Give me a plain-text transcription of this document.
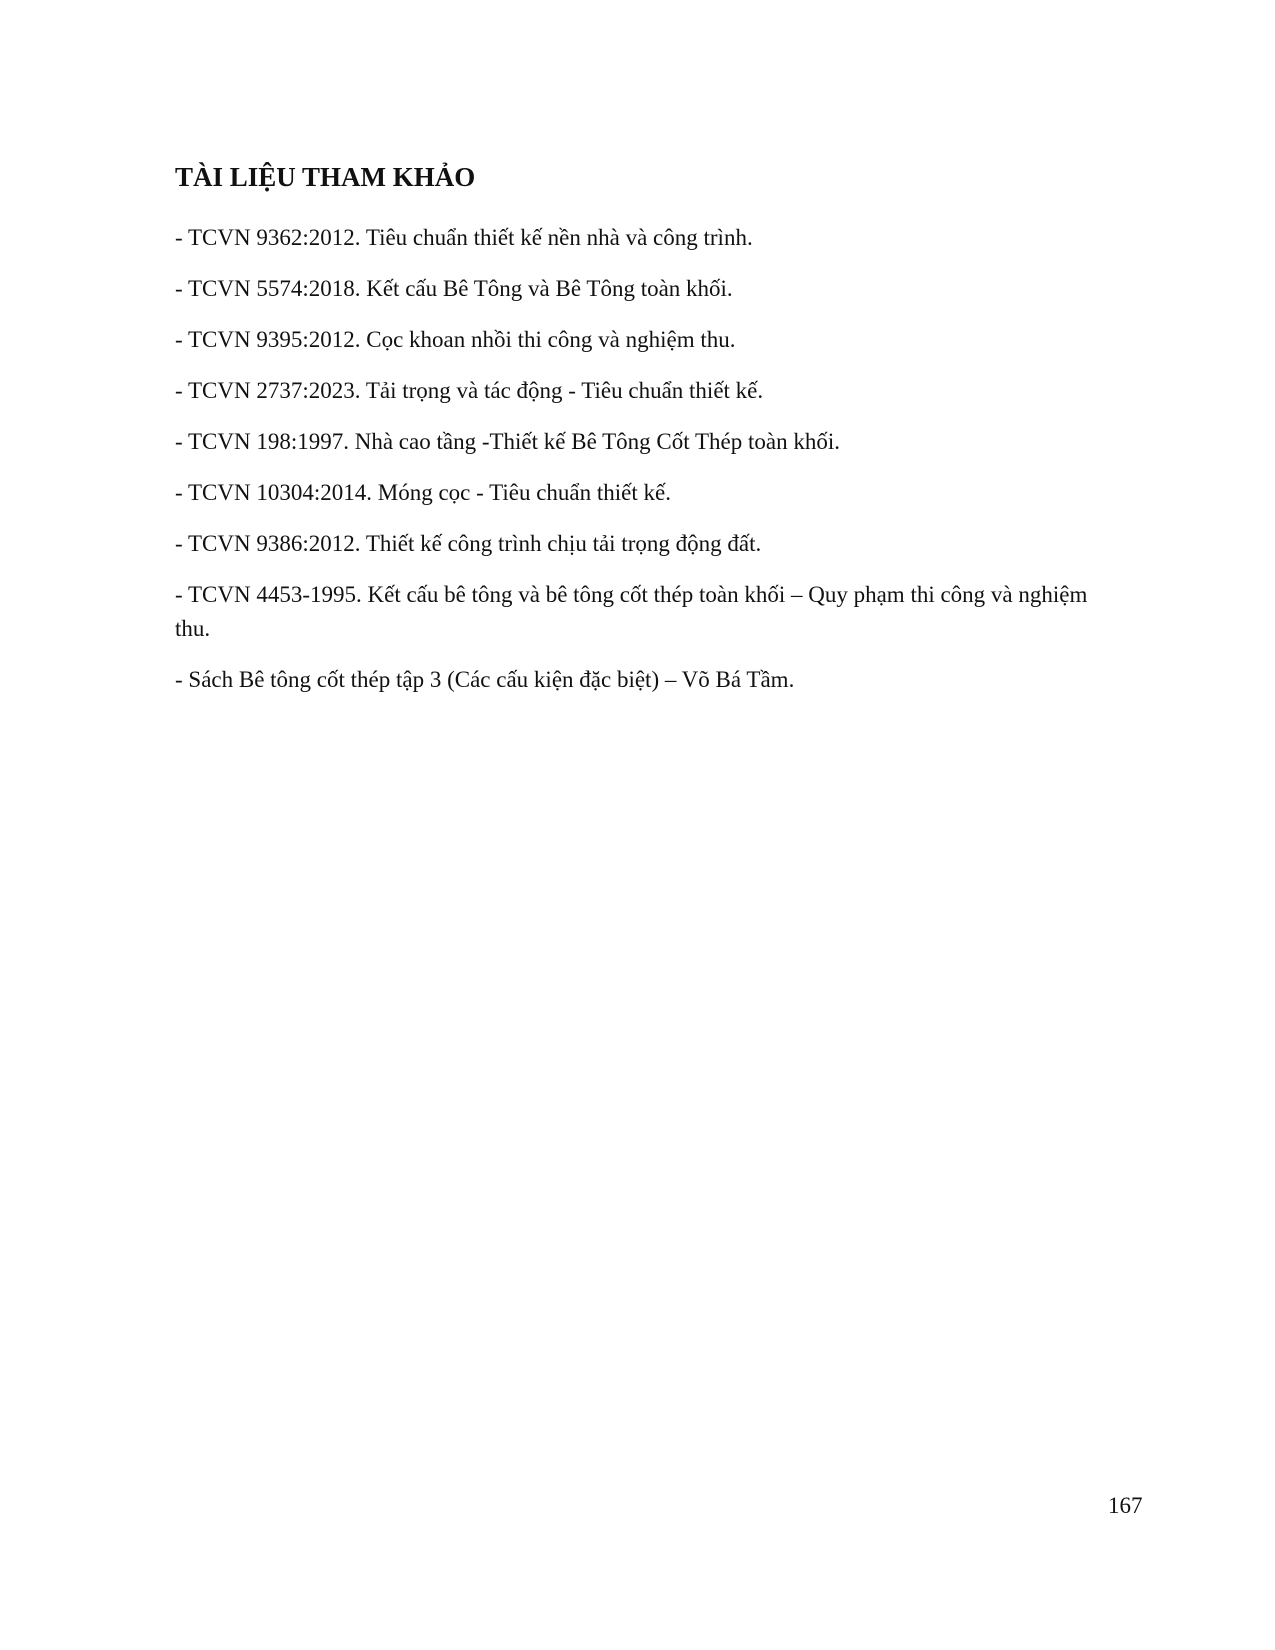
TÀI LIỆU THAM KHẢO
- TCVN 9362:2012. Tiêu chuẩn thiết kế nền nhà và công trình.
- TCVN 5574:2018. Kết cấu Bê Tông và Bê Tông toàn khối.
- TCVN 9395:2012. Cọc khoan nhồi thi công và nghiệm thu.
- TCVN 2737:2023. Tải trọng và tác động - Tiêu chuẩn thiết kế.
- TCVN 198:1997. Nhà cao tầng -Thiết kế Bê Tông Cốt Thép toàn khối.
- TCVN 10304:2014. Móng cọc - Tiêu chuẩn thiết kế.
- TCVN 9386:2012. Thiết kế công trình chịu tải trọng động đất.
- TCVN 4453-1995. Kết cấu bê tông và bê tông cốt thép toàn khối – Quy phạm thi công và nghiệm thu.
- Sách Bê tông cốt thép tập 3 (Các cấu kiện đặc biệt) – Võ Bá Tầm.
167
